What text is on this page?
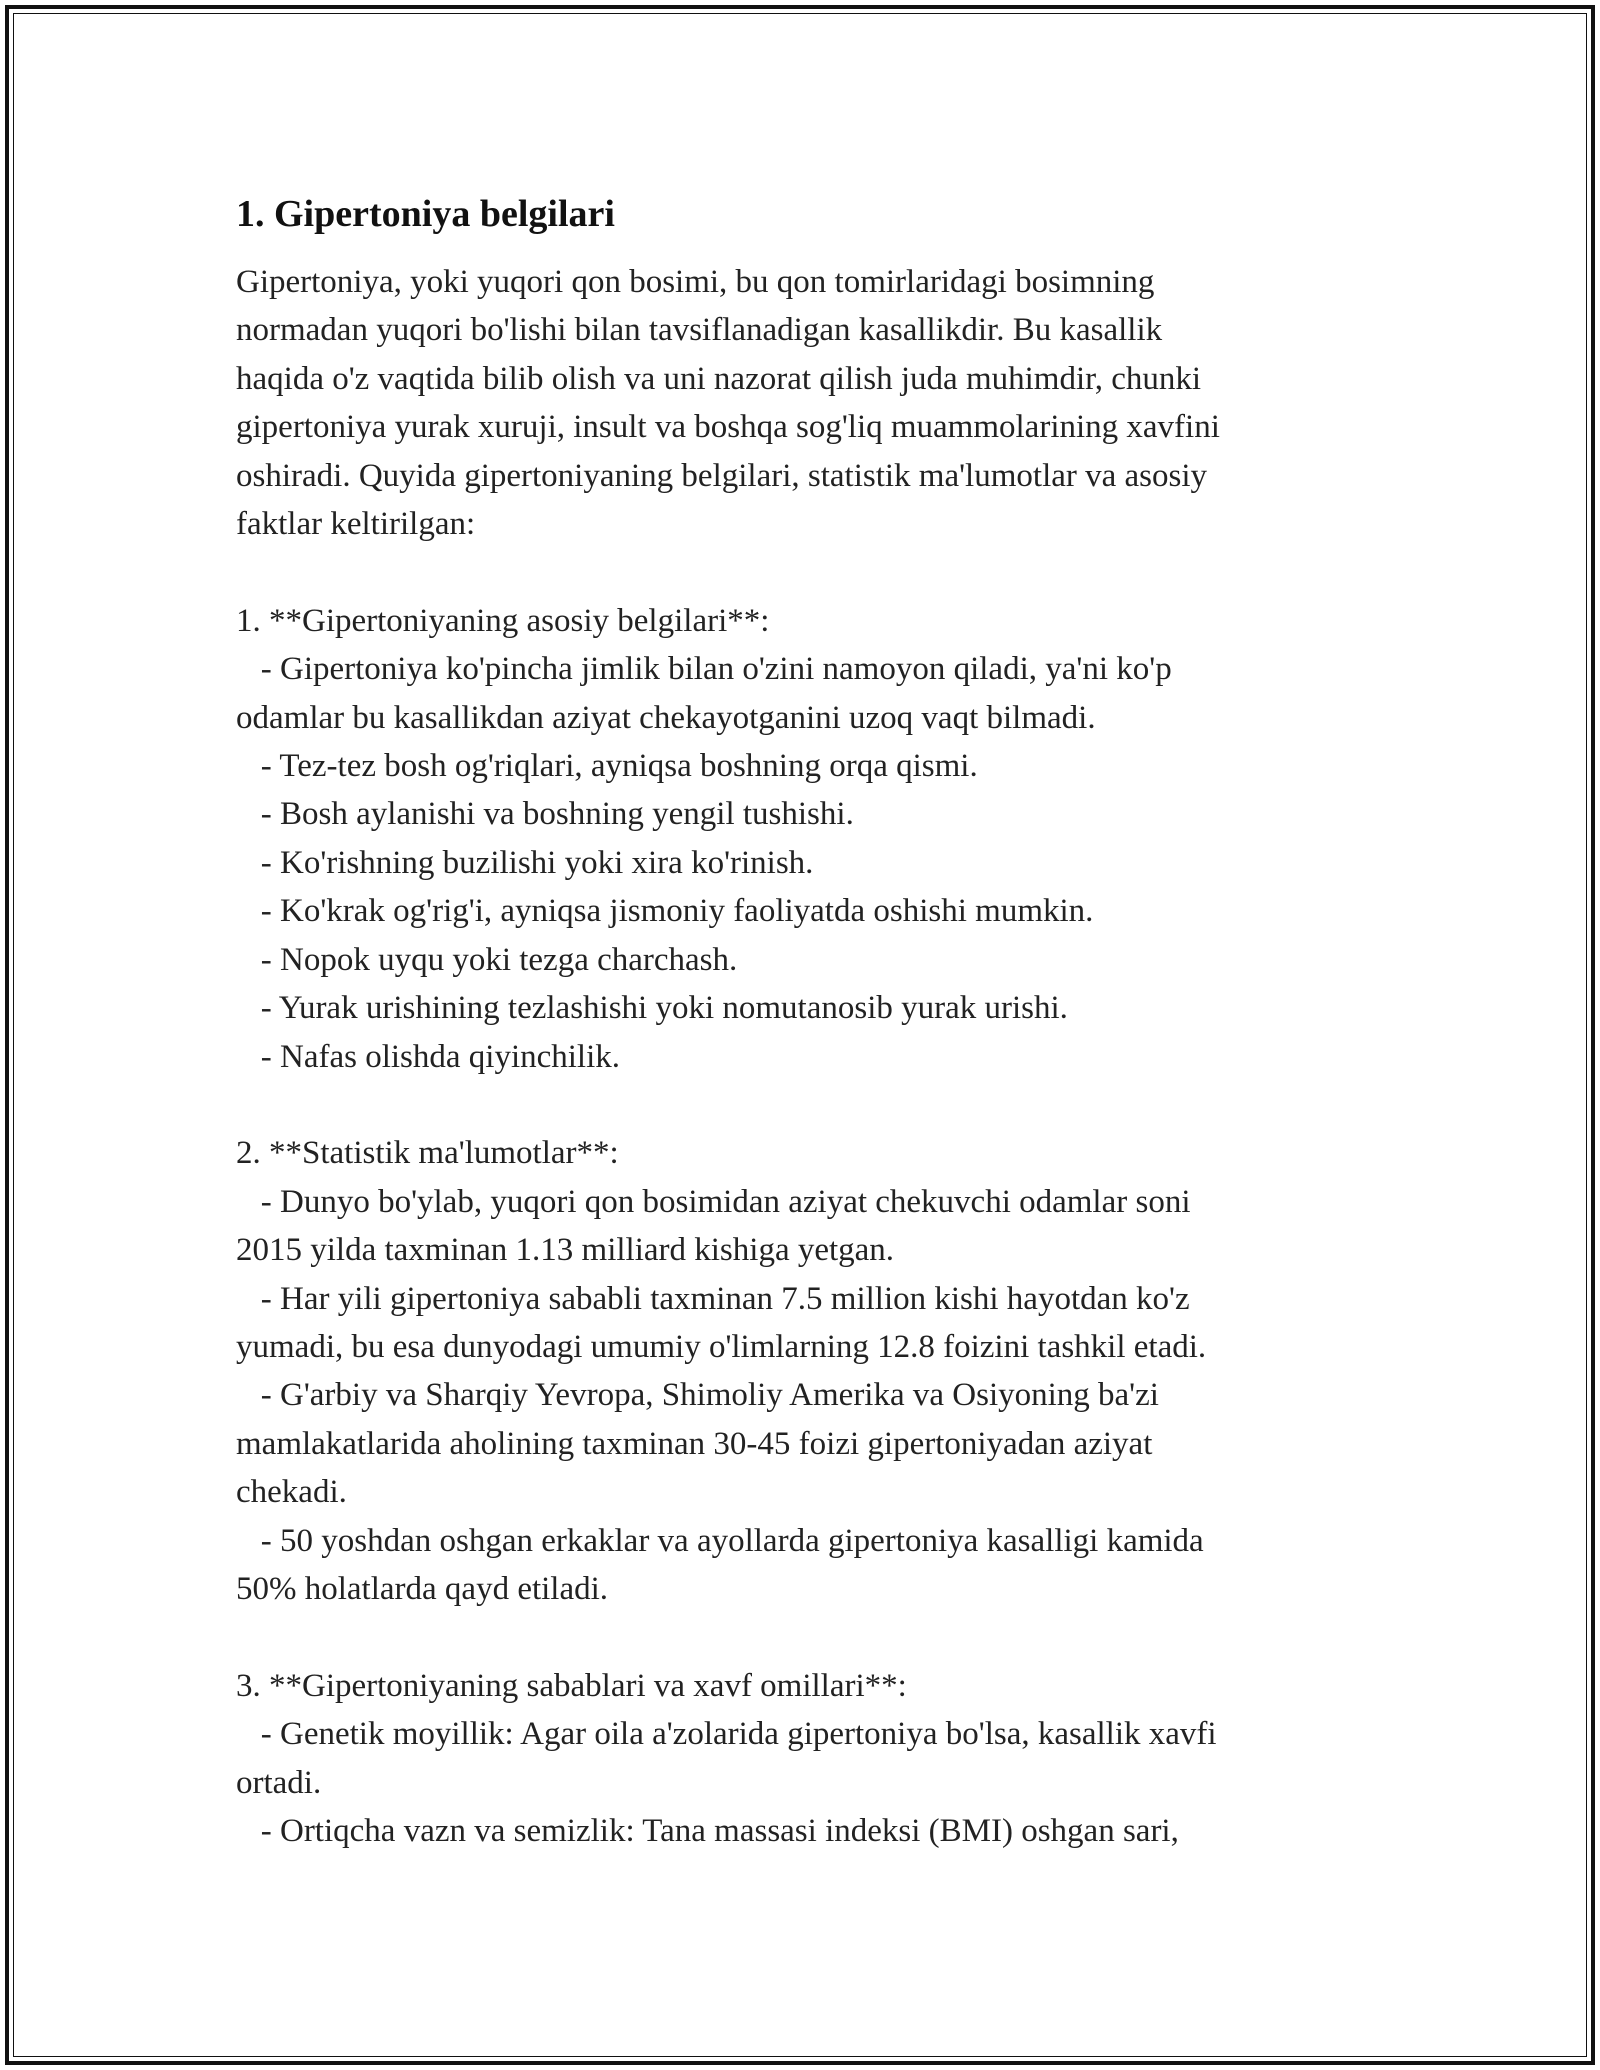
1. Gipertoniya belgilari

Gipertoniya, yoki yuqori qon bosimi, bu qon tomirlaridagi bosimning
normadan yuqori bo'lishi bilan tavsiflanadigan kasallikdir. Bu kasallik
haqida o'z vaqtida bilib olish va uni nazorat qilish juda muhimdir, chunki
gipertoniya yurak xuruji, insult va boshqa sog'liq muammolarining xavfini
oshiradi. Quyida gipertoniyaning belgilari, statistik ma'lumotlar va asosiy
faktlar keltirilgan:

1. **Gipertoniyaning asosiy belgilari**:
- Gipertoniya ko'pincha jimlik bilan o'zini namoyon qiladi, ya'ni ko'p
odamlar bu kasallikdan aziyat chekayotganini uzoq vaqt bilmadi.
- Tez-tez bosh og'riqlari, ayniqsa boshning orqa qismi.
- Bosh aylanishi va boshning yengil tushishi.
- Ko'rishning buzilishi yoki xira ko'rinish.
- Ko'krak og'rig'i, ayniqsa jismoniy faoliyatda oshishi mumkin.
- Nopok uyqu yoki tezga charchash.
- Yurak urishining tezlashishi yoki nomutanosib yurak urishi.
- Nafas olishda qiyinchilik.

2. **Statistik ma'lumotlar**:
- Dunyo bo'ylab, yuqori qon bosimidan aziyat chekuvchi odamlar soni
2015 yilda taxminan 1.13 milliard kishiga yetgan.
- Har yili gipertoniya sababli taxminan 7.5 million kishi hayotdan ko'z
yumadi, bu esa dunyodagi umumiy o'limlarning 12.8 foizini tashkil etadi.
- G'arbiy va Sharqiy Yevropa, Shimoliy Amerika va Osiyoning ba'zi
mamlakatlarida aholining taxminan 30-45 foizi gipertoniyadan aziyat
chekadi.
- 50 yoshdan oshgan erkaklar va ayollarda gipertoniya kasalligi kamida
50% holatlarda qayd etiladi.

3. **Gipertoniyaning sabablari va xavf omillari**:
- Genetik moyillik: Agar oila a'zolarida gipertoniya bo'lsa, kasallik xavfi
ortadi.
- Ortiqcha vazn va semizlik: Tana massasi indeksi (BMI) oshgan sari,
